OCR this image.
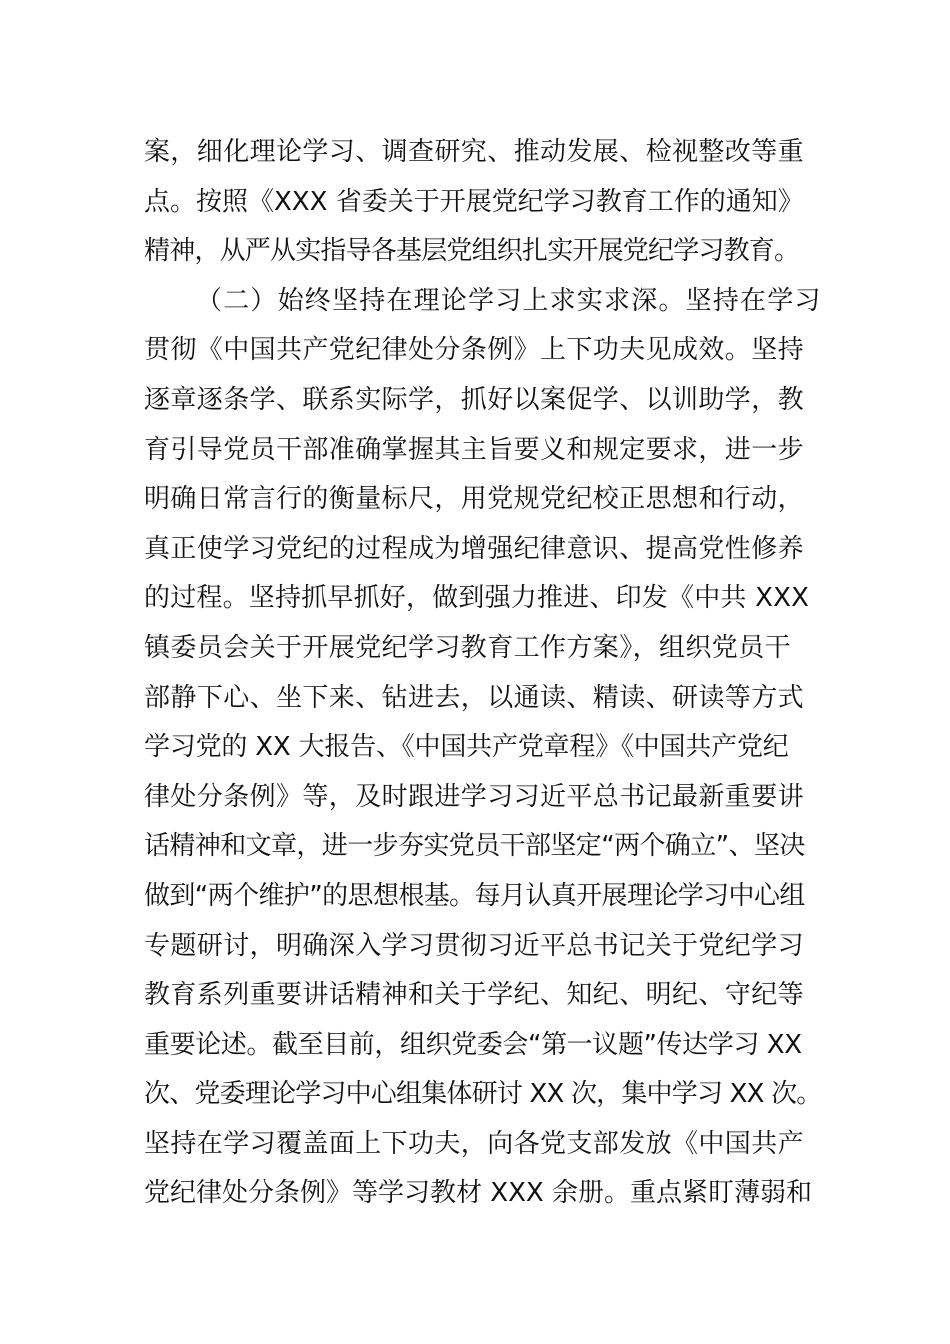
案，细化理论学习、调查研究、推动发展、检视整改等重
点。按照《XXX 省委关于开展党纪学习教育工作的通知》
精神，从严从实指导各基层党组织扎实开展党纪学习教育。
（二）始终坚持在理论学习上求实求深。坚持在学习
贯彻《中国共产党纪律处分条例》上下功夫见成效。坚持
逐章逐条学、联系实际学，抓好以案促学、以训助学，教
育引导党员干部准确掌握其主旨要义和规定要求，进一步
明确日常言行的衡量标尺，用党规党纪校正思想和行动，
真正使学习党纪的过程成为增强纪律意识、提高党性修养
的过程。坚持抓早抓好，做到强力推进、印发《中共 XXX
镇委员会关于开展党纪学习教育工作方案》，组织党员干
部静下心、坐下来、钻进去，以通读、精读、研读等方式
学习党的 XX 大报告、《中国共产党章程》《中国共产党纪
律处分条例》等，及时跟进学习习近平总书记最新重要讲
话精神和文章，进一步夯实党员干部坚定“两个确立”、坚决
做到“两个维护”的思想根基。每月认真开展理论学习中心组
专题研讨，明确深入学习贯彻习近平总书记关于党纪学习
教育系列重要讲话精神和关于学纪、知纪、明纪、守纪等
重要论述。截至目前，组织党委会“第一议题”传达学习 XX
次、党委理论学习中心组集体研讨 XX 次，集中学习 XX 次。
坚持在学习覆盖面上下功夫，向各党支部发放《中国共产
党纪律处分条例》等学习教材 XXX 余册。重点紧盯薄弱和
